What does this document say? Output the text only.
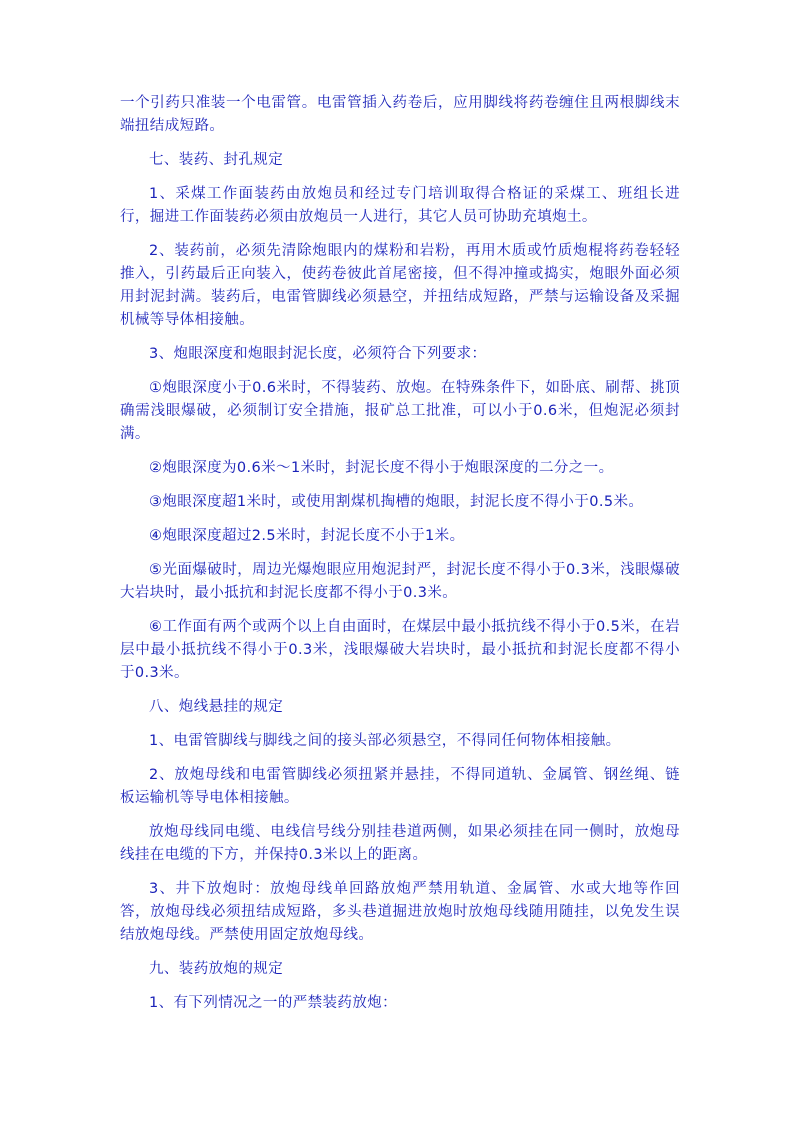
一个引药只准装一个电雷管。电雷管插入药卷后，应用脚线将药卷缠住且两根脚线末端扭结成短路。

七、装药、封孔规定

1、采煤工作面装药由放炮员和经过专门培训取得合格证的采煤工、班组长进行，掘进工作面装药必须由放炮员一人进行，其它人员可协助充填炮土。

2、装药前，必须先清除炮眼内的煤粉和岩粉，再用木质或竹质炮棍将药卷轻轻推入，引药最后正向装入，使药卷彼此首尾密接，但不得冲撞或捣实，炮眼外面必须用封泥封满。装药后，电雷管脚线必须悬空，并扭结成短路，严禁与运输设备及采掘机械等导体相接触。

3、炮眼深度和炮眼封泥长度，必须符合下列要求：

①炮眼深度小于0.6米时，不得装药、放炮。在特殊条件下，如卧底、刷帮、挑顶确需浅眼爆破，必须制订安全措施，报矿总工批准，可以小于0.6米，但炮泥必须封满。

②炮眼深度为0.6米～1米时，封泥长度不得小于炮眼深度的二分之一。

③炮眼深度超1米时，或使用割煤机掏槽的炮眼，封泥长度不得小于0.5米。

④炮眼深度超过2.5米时，封泥长度不小于1米。

⑤光面爆破时，周边光爆炮眼应用炮泥封严，封泥长度不得小于0.3米，浅眼爆破大岩块时，最小抵抗和封泥长度都不得小于0.3米。

⑥工作面有两个或两个以上自由面时，在煤层中最小抵抗线不得小于0.5米，在岩层中最小抵抗线不得小于0.3米，浅眼爆破大岩块时，最小抵抗和封泥长度都不得小于0.3米。

八、炮线悬挂的规定

1、电雷管脚线与脚线之间的接头部必须悬空，不得同任何物体相接触。

2、放炮母线和电雷管脚线必须扭紧并悬挂，不得同道轨、金属管、钢丝绳、链板运输机等导电体相接触。

放炮母线同电缆、电线信号线分别挂巷道两侧，如果必须挂在同一侧时，放炮母线挂在电缆的下方，并保持0.3米以上的距离。

3、井下放炮时：放炮母线单回路放炮严禁用轨道、金属管、水或大地等作回答，放炮母线必须扭结成短路，多头巷道掘进放炮时放炮母线随用随挂，以免发生误结放炮母线。严禁使用固定放炮母线。

九、装药放炮的规定

1、有下列情况之一的严禁装药放炮：
